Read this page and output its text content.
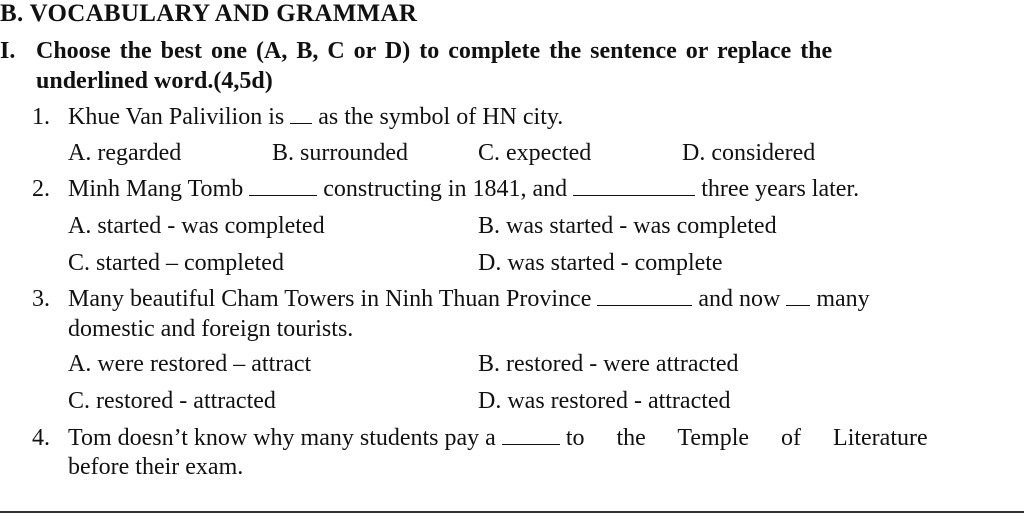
B. VOCABULARY AND GRAMMAR
I. Choose the best one (A, B, C or D) to complete the sentence or replace the
underlined word.(4,5d)
1. Khue Van Palivilion is as the symbol of HN city.
A. regarded	B. surrounded	C. expected	D. considered
2. Minh Mang Tomb	constructing in 1841, and	three years later.
A. started - was completed	B. was started - was completed
C. started – completed	D. was started - complete
3. Many beautiful Cham Towers in Ninh Thuan Province	and now many
domestic and foreign tourists.
A. were restored – attract	B. restored - were attracted
C. restored - attracted	D. was restored - attracted
4. Tom doesn’t know why many students pay a	to the Temple of Literature
before their exam.
